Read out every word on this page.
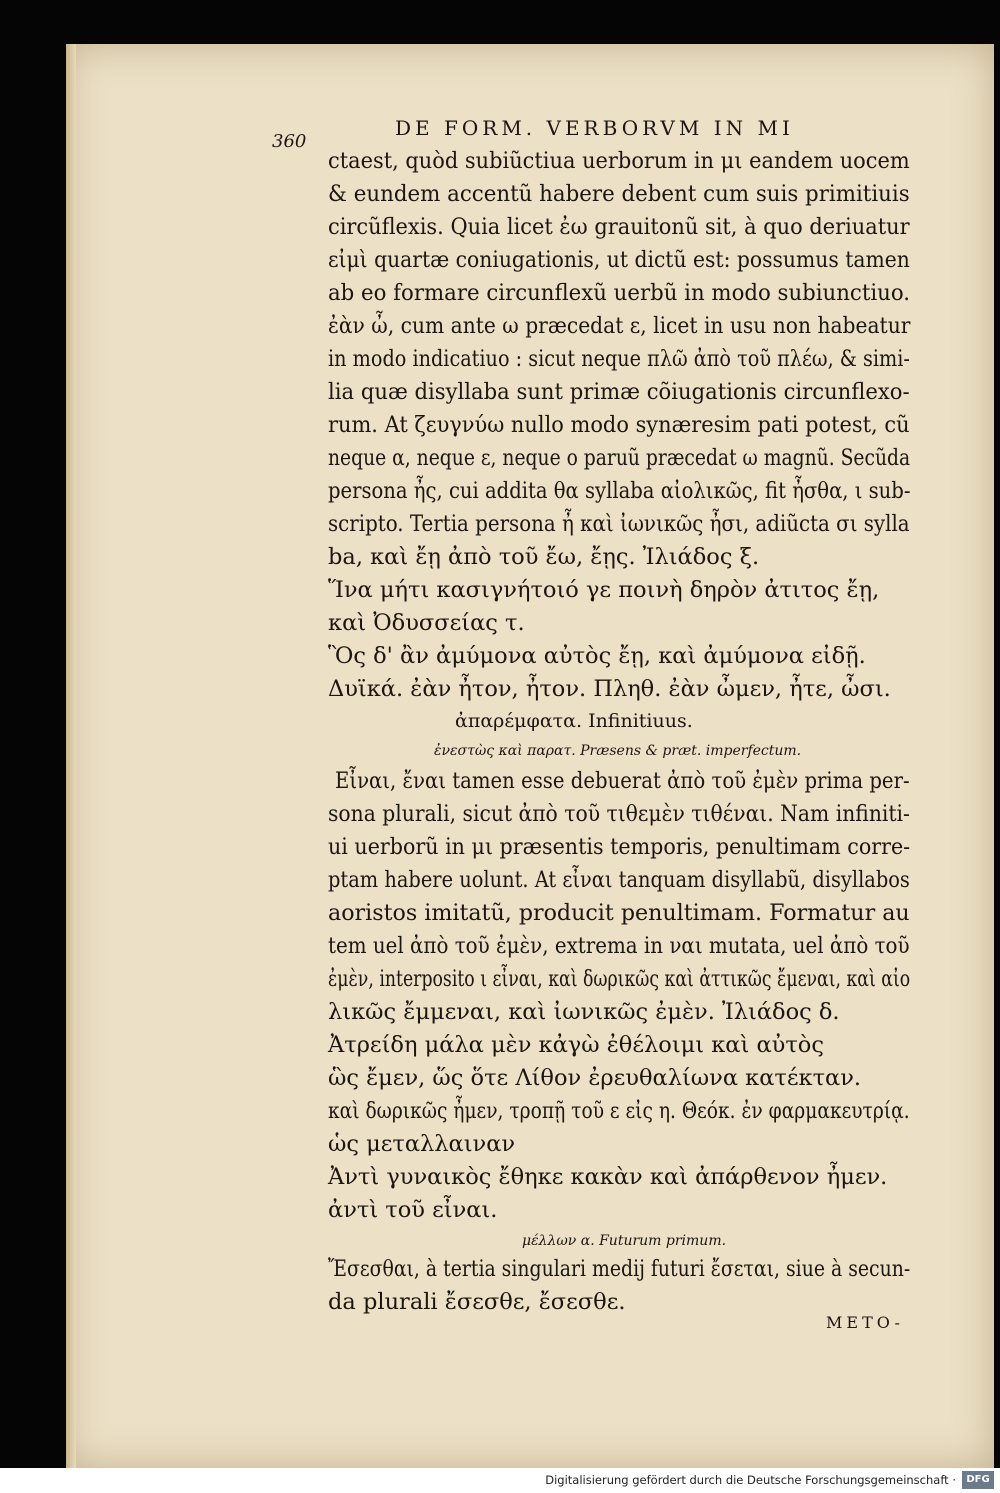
360
DE FORM. VERBORVM IN MI
ctaest, quòd subiũctiua uerborum in μι eandem uocem
& eundem accentũ habere debent cum suis primitiuis
circũflexis. Quia licet ἐω grauitonũ sit, à quo deriuatur
εἰμὶ quartæ coniugationis, ut dictũ est: possumus tamen
ab eo formare circunflexũ uerbũ in modo subiunctiuo.
ἐὰν ὦ, cum ante ω præcedat ε, licet in usu non habeatur
in modo indicatiuo : sicut neque πλῶ ἀπὸ τοῦ πλέω, & simi-
lia quæ disyllaba sunt primæ cõiugationis circunflexo-
rum. At ζευγνύω nullo modo synæresim pati potest, cũ
neque α, neque ε, neque ο paruũ præcedat ω magnũ. Secũda
persona ἦς, cui addita θα syllaba αἰολικῶς, fit ἦσθα, ι sub-
scripto. Tertia persona ἦ καὶ ἰωνικῶς ἦσι, adiũcta σι sylla
ba, καὶ ἔῃ ἀπὸ τοῦ ἔω, ἔῃς. Ἰλιάδος ξ.
Ἵνα μήτι κασιγνήτοιό γε ποινὴ δηρὸν ἀτιτος ἔῃ,
καὶ Ὀδυσσείας τ.
Ὃς δ' ἂν ἀμύμονα αὐτὸς ἔῃ, καὶ ἀμύμονα εἰδῇ.
Δυϊκά. ἐὰν ἦτον, ἦτον. Πληθ. ἐὰν ὦμεν, ἦτε, ὦσι.
ἀπαρέμφατα. Infinitiuus.
ἐνεστὼς καὶ παρατ. Præsens & præt. imperfectum.
Εἶναι, ἔναι tamen esse debuerat ἀπὸ τοῦ ἐμὲν prima per-
sona plurali, sicut ἀπὸ τοῦ τιθεμὲν τιθέναι. Nam infiniti-
ui uerborũ in μι præsentis temporis, penultimam corre-
ptam habere uolunt. At εἶναι tanquam disyllabũ, disyllabos
aoristos imitatũ, producit penultimam. Formatur au
tem uel ἀπὸ τοῦ ἐμὲν, extrema in ναι mutata, uel ἀπὸ τοῦ
ἐμὲν, interposito ι εἶναι, καὶ δωρικῶς καὶ ἀττικῶς ἔμεναι, καὶ αἰο
λικῶς ἔμμεναι, καὶ ἰωνικῶς ἐμὲν. Ἰλιάδος δ.
Ἀτρείδη μάλα μὲν κἀγὼ ἐθέλοιμι καὶ αὐτὸς
ὣς ἔμεν, ὥς ὅτε Λίθον ἐρευθαλίωνα κατέκταν.
καὶ δωρικῶς ἦμεν, τροπῇ τοῦ ε εἰς η. Θεόκ. ἐν φαρμακευτρίᾳ.
ὡς μεταλλαιναν
Ἀντὶ γυναικὸς ἔθηκε κακὰν καὶ ἀπάρθενον ἦμεν.
ἀντὶ τοῦ εἶναι.
μέλλων α. Futurum primum.
Ἔσεσθαι, à tertia singulari medij futuri ἔσεται, siue à secun-
da plurali ἔσεσθε, ἔσεσθε.
METO-
Digitalisierung gefördert durch die Deutsche Forschungsgemeinschaft ·	DFG
